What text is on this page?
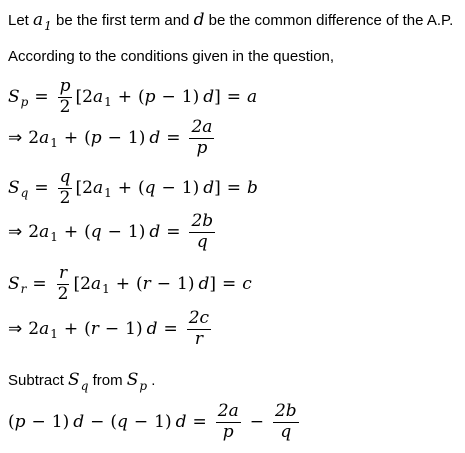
Let $a_1$ be the first term and d be the common difference of the A.P.
According to the conditions given in the question,
S $p = \frac{p}{2} [2$ a 1 + ( p − 1) d ] = a
⇒ 2 a 1 + ( p − 1) $d = \frac{2a}{p}$
S $q = \frac{q}{2} [2$ a 1 + ( q − 1) d ] = b
⇒ 2 a 1 + ( q − 1) $d = \frac{2b}{q}$
S $r = \frac{r}{2} [2$ a 1 + ( r − 1) d ] = c
⇒ 2 a 1 + ( r − 1) $d = \frac{2c}{r}$
Subtract $S_q$ from $S_p$ .
( p − 1) d − ( q − 1) $d = \frac{2a}{p} - \frac{2b}{q}$
